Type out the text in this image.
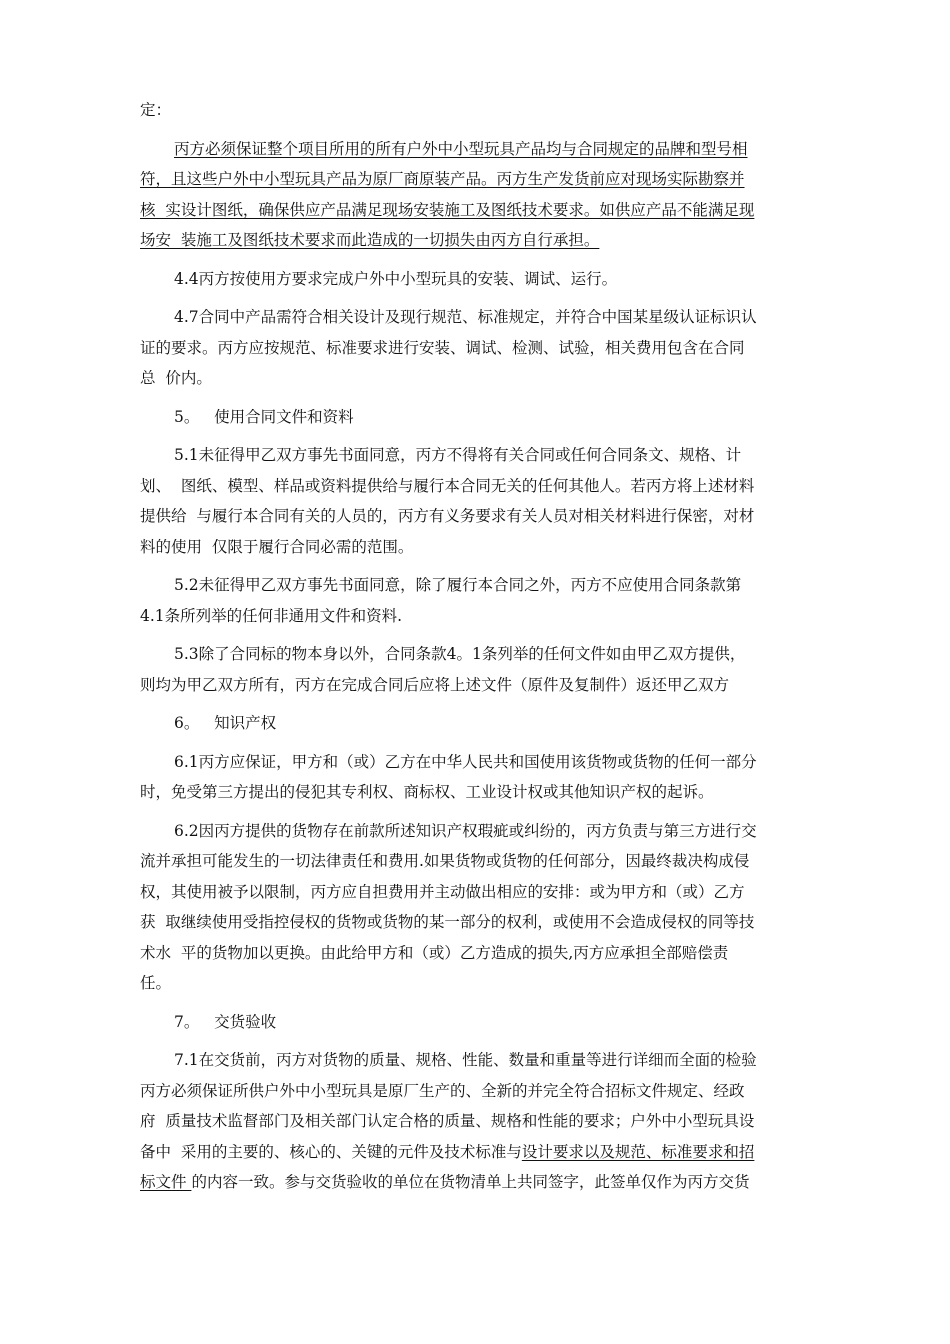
定：
丙方必须保证整个项目所用的所有户外中小型玩具产品均与合同规定的品牌和型号相
符，且这些户外中小型玩具产品为原厂商原装产品。丙方生产发货前应对现场实际勘察并
核  实设计图纸，确保供应产品满足现场安装施工及图纸技术要求。如供应产品不能满足现
场安  装施工及图纸技术要求而此造成的一切损失由丙方自行承担。
4.4丙方按使用方要求完成户外中小型玩具的安装、调试、运行。
4.7合同中产品需符合相关设计及现行规范、标准规定，并符合中国某星级认证标识认
证的要求。丙方应按规范、标准要求进行安装、调试、检测、试验，相关费用包含在合同
总  价内。
5。   使用合同文件和资料
5.1未征得甲乙双方事先书面同意，丙方不得将有关合同或任何合同条文、规格、计
划、  图纸、模型、样品或资料提供给与履行本合同无关的任何其他人。若丙方将上述材料
提供给  与履行本合同有关的人员的，丙方有义务要求有关人员对相关材料进行保密，对材
料的使用  仅限于履行合同必需的范围。
5.2未征得甲乙双方事先书面同意，除了履行本合同之外，丙方不应使用合同条款第
4.1条所列举的任何非通用文件和资料.
5.3除了合同标的物本身以外，合同条款4。1条列举的任何文件如由甲乙双方提供，
则均为甲乙双方所有，丙方在完成合同后应将上述文件（原件及复制件）返还甲乙双方
6。   知识产权
6.1丙方应保证，甲方和（或）乙方在中华人民共和国使用该货物或货物的任何一部分
时，免受第三方提出的侵犯其专利权、商标权、工业设计权或其他知识产权的起诉。
6.2因丙方提供的货物存在前款所述知识产权瑕疵或纠纷的，丙方负责与第三方进行交
流并承担可能发生的一切法律责任和费用.如果货物或货物的任何部分，因最终裁决构成侵
权，其使用被予以限制，丙方应自担费用并主动做出相应的安排：或为甲方和（或）乙方
获  取继续使用受指控侵权的货物或货物的某一部分的权利，或使用不会造成侵权的同等技
术水  平的货物加以更换。由此给甲方和（或）乙方造成的损失,丙方应承担全部赔偿责
任。
7。   交货验收
7.1在交货前，丙方对货物的质量、规格、性能、数量和重量等进行详细而全面的检验
丙方必须保证所供户外中小型玩具是原厂生产的、全新的并完全符合招标文件规定、经政
府  质量技术监督部门及相关部门认定合格的质量、规格和性能的要求；户外中小型玩具设
备中  采用的主要的、核心的、关键的元件及技术标准与设计要求以及规范、标准要求和招
标文件 的内容一致。参与交货验收的单位在货物清单上共同签字，此签单仅作为丙方交货
